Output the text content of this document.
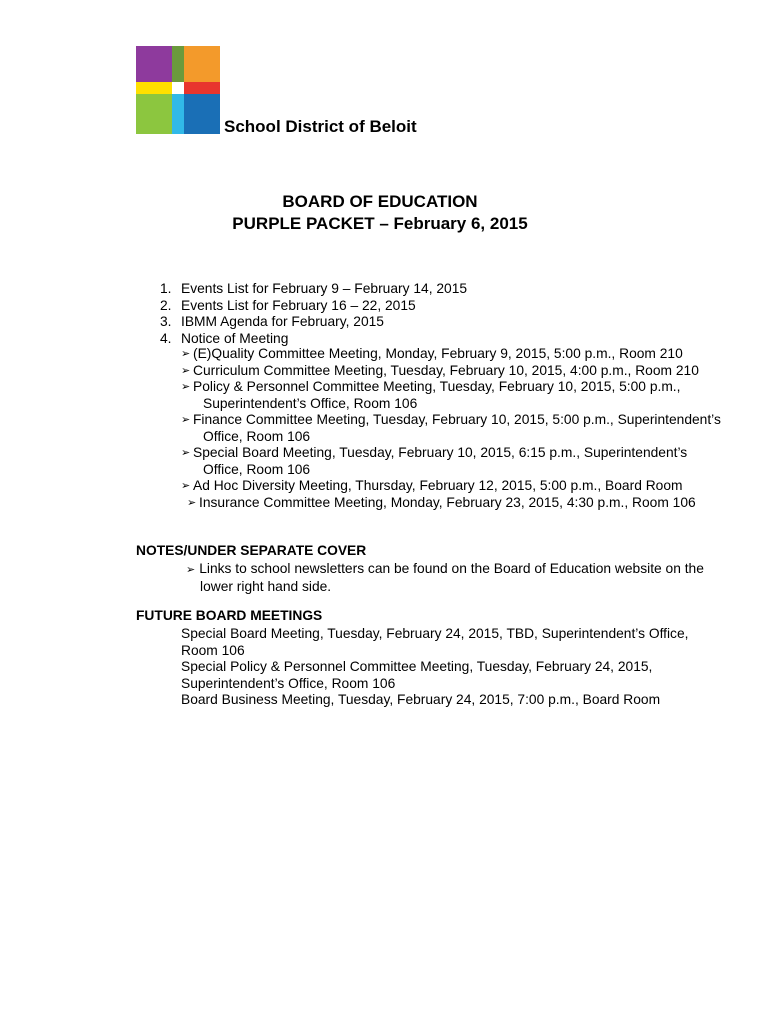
School District of Beloit
BOARD OF EDUCATION
PURPLE PACKET – February 6, 2015
1. Events List for February 9 – February 14, 2015
2. Events List for February 16 – 22, 2015
3. IBMM Agenda for February, 2015
4. Notice of Meeting
➢ (E)Quality Committee Meeting, Monday, February 9, 2015, 5:00 p.m., Room 210
➢ Curriculum Committee Meeting, Tuesday, February 10, 2015, 4:00 p.m., Room 210
➢ Policy & Personnel Committee Meeting, Tuesday, February 10, 2015, 5:00 p.m.,
Superintendent’s Office, Room 106
➢ Finance Committee Meeting, Tuesday, February 10, 2015, 5:00 p.m., Superintendent’s
Office, Room 106
➢ Special Board Meeting, Tuesday, February 10, 2015, 6:15 p.m., Superintendent’s
Office, Room 106
➢ Ad Hoc Diversity Meeting, Thursday, February 12, 2015, 5:00 p.m., Board Room
➢ Insurance Committee Meeting, Monday, February 23, 2015, 4:30 p.m., Room 106
NOTES/UNDER SEPARATE COVER
➢ Links to school newsletters can be found on the Board of Education website on the
lower right hand side.
FUTURE BOARD MEETINGS
Special Board Meeting, Tuesday, February 24, 2015, TBD, Superintendent’s Office,
Room 106
Special Policy & Personnel Committee Meeting, Tuesday, February 24, 2015,
Superintendent’s Office, Room 106
Board Business Meeting, Tuesday, February 24, 2015, 7:00 p.m., Board Room
